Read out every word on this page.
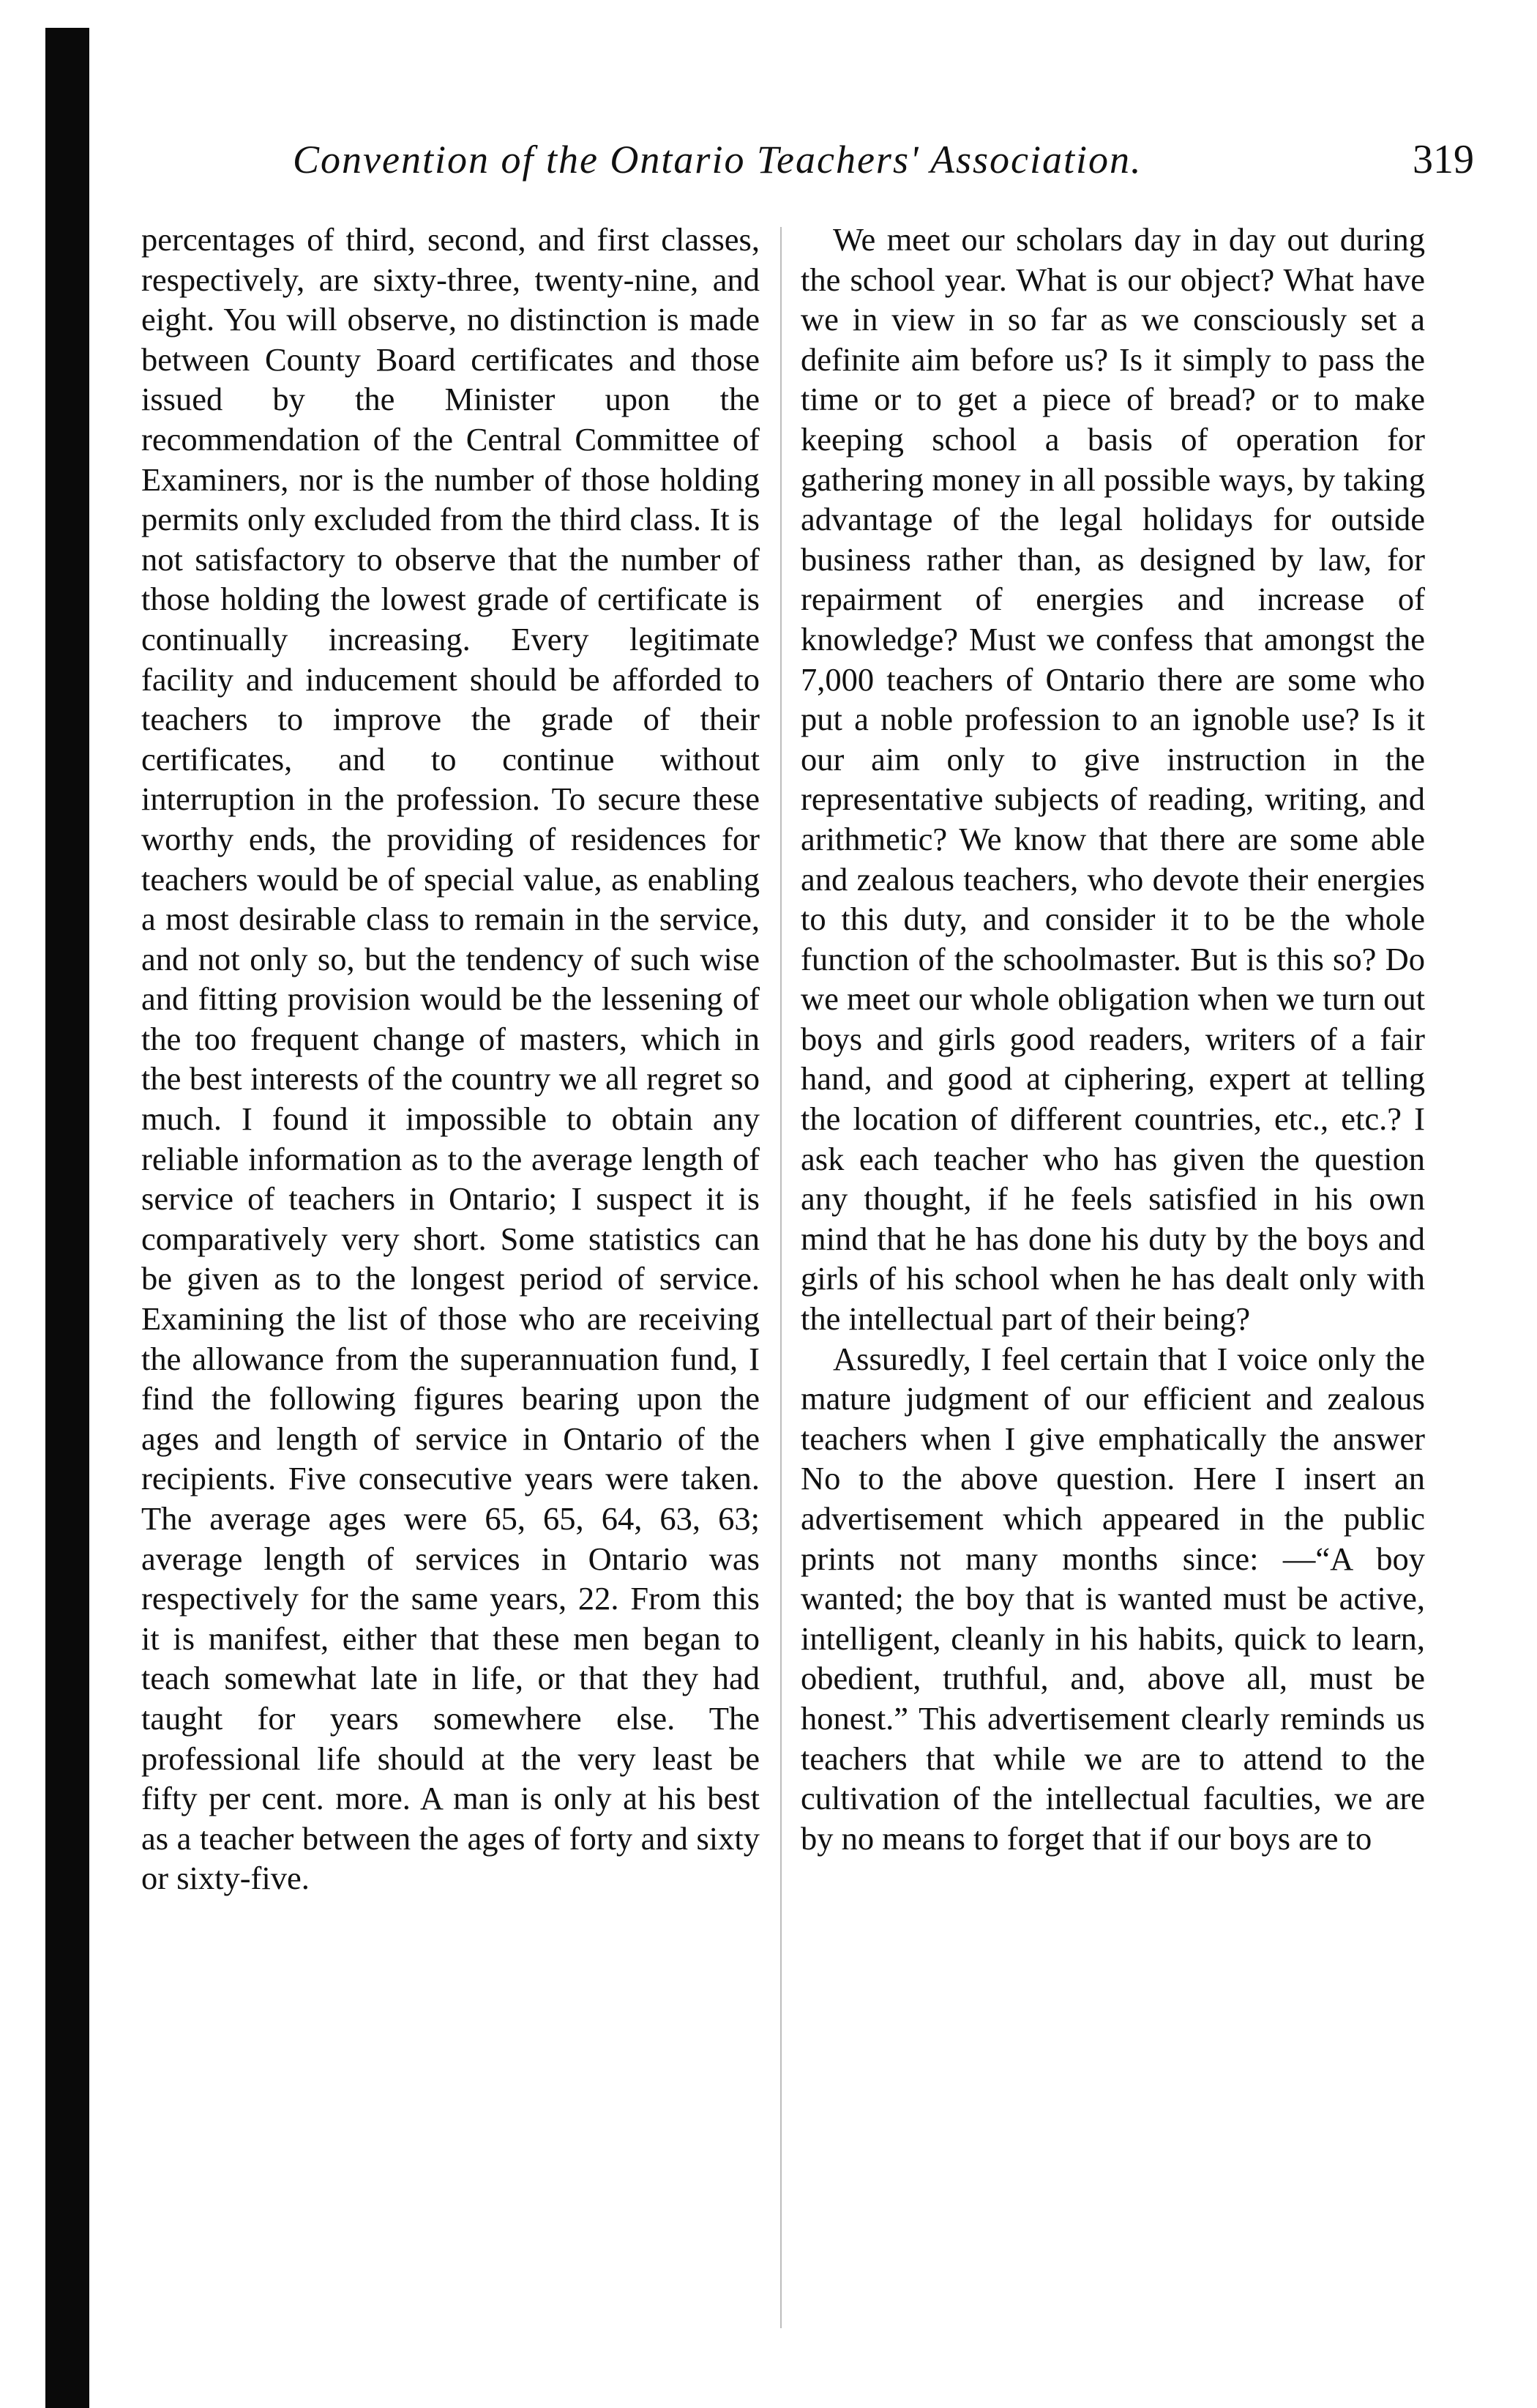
Convention of the Ontario Teachers' Association.	319

percentages of third, second, and first classes, respectively, are sixty-three, twenty-nine, and eight. You will observe, no distinction is made between County Board certificates and those issued by the Minister upon the recommendation of the Central Committee of Examiners, nor is the number of those holding permits only excluded from the third class. It is not satisfactory to observe that the number of those holding the lowest grade of certificate is continually increasing. Every legitimate facility and inducement should be afforded to teachers to improve the grade of their certificates, and to continue without interruption in the profession. To secure these worthy ends, the providing of residences for teachers would be of special value, as enabling a most desirable class to remain in the service, and not only so, but the tendency of such wise and fitting provision would be the lessening of the too frequent change of masters, which in the best interests of the country we all regret so much. I found it impossible to obtain any reliable information as to the average length of service of teachers in Ontario; I suspect it is comparatively very short. Some statistics can be given as to the longest period of service. Examining the list of those who are receiving the allowance from the superannuation fund, I find the following figures bearing upon the ages and length of service in Ontario of the recipients. Five consecutive years were taken. The average ages were 65, 65, 64, 63, 63; average length of services in Ontario was respectively for the same years, 22. From this it is manifest, either that these men began to teach somewhat late in life, or that they had taught for years somewhere else. The professional life should at the very least be fifty per cent. more. A man is only at his best as a teacher between the ages of forty and sixty or sixty-five.

We meet our scholars day in day out during the school year. What is our object? What have we in view in so far as we consciously set a definite aim before us? Is it simply to pass the time or to get a piece of bread? or to make keeping school a basis of operation for gathering money in all possible ways, by taking advantage of the legal holidays for outside business rather than, as designed by law, for repairment of energies and increase of knowledge? Must we confess that amongst the 7,000 teachers of Ontario there are some who put a noble profession to an ignoble use? Is it our aim only to give instruction in the representative subjects of reading, writing, and arithmetic? We know that there are some able and zealous teachers, who devote their energies to this duty, and consider it to be the whole function of the schoolmaster. But is this so? Do we meet our whole obligation when we turn out boys and girls good readers, writers of a fair hand, and good at ciphering, expert at telling the location of different countries, etc., etc.? I ask each teacher who has given the question any thought, if he feels satisfied in his own mind that he has done his duty by the boys and girls of his school when he has dealt only with the intellectual part of their being?

Assuredly, I feel certain that I voice only the mature judgment of our efficient and zealous teachers when I give emphatically the answer No to the above question. Here I insert an advertisement which appeared in the public prints not many months since: —“A boy wanted; the boy that is wanted must be active, intelligent, cleanly in his habits, quick to learn, obedient, truthful, and, above all, must be honest.” This advertisement clearly reminds us teachers that while we are to attend to the cultivation of the intellectual faculties, we are by no means to forget that if our boys are to
